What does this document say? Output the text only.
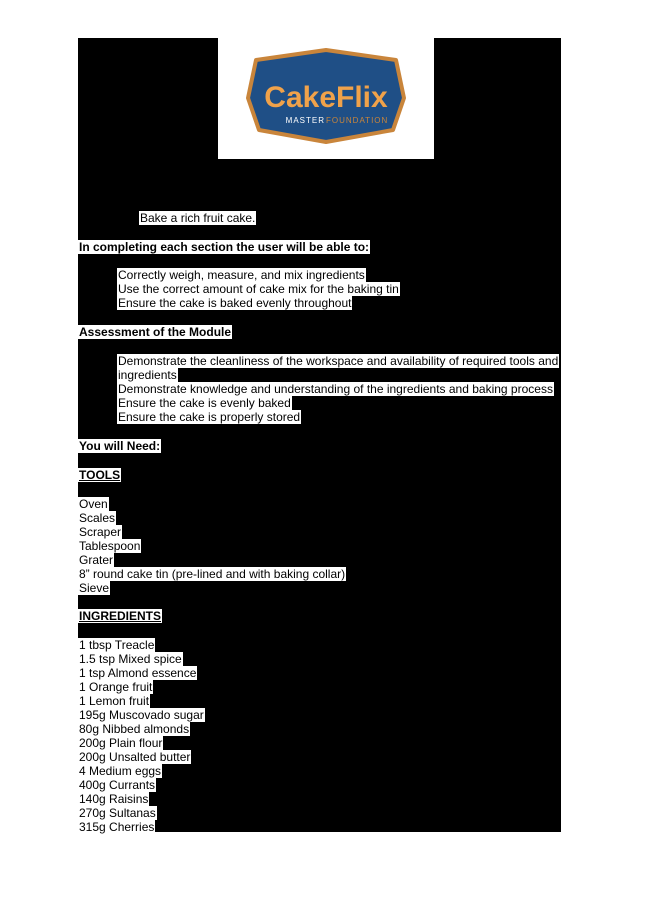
CakeFlix
MASTER FOUNDATION
Bake a rich fruit cake.
In completing each section the user will be able to:
Correctly weigh, measure, and mix ingredients
Use the correct amount of cake mix for the baking tin
Ensure the cake is baked evenly throughout
Assessment of the Module
Demonstrate the cleanliness of the workspace and availability of required tools and
ingredients
Demonstrate knowledge and understanding of the ingredients and baking process
Ensure the cake is evenly baked
Ensure the cake is properly stored
You will Need:
TOOLS
Oven
Scales
Scraper
Tablespoon
Grater
8” round cake tin (pre-lined and with baking collar)
Sieve
INGREDIENTS
1 tbsp Treacle
1.5 tsp Mixed spice
1 tsp Almond essence
1 Orange fruit
1 Lemon fruit
195g Muscovado sugar
80g Nibbed almonds
200g Plain flour
200g Unsalted butter
4 Medium eggs
400g Currants
140g Raisins
270g Sultanas
315g Cherries
